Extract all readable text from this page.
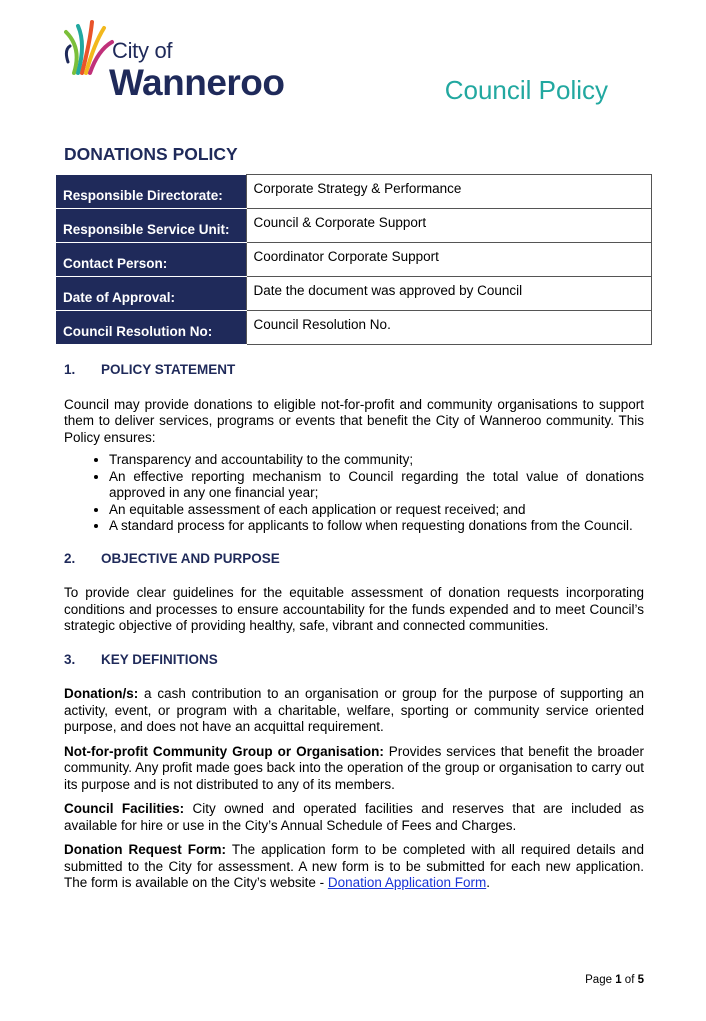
City of
Wanneroo	Council Policy
DONATIONS POLICY
Responsible Directorate:	Corporate Strategy & Performance
Responsible Service Unit:	Council & Corporate Support
Contact Person:	Coordinator Corporate Support
Date of Approval:	Date the document was approved by Council
Council Resolution No:	Council Resolution No.
1.	POLICY STATEMENT

Council may provide donations to eligible not-for-profit and community organisations to support them to deliver services, programs or events that benefit the City of Wanneroo community. This Policy ensures:

• Transparency and accountability to the community;
• An effective reporting mechanism to Council regarding the total value of donations approved in any one financial year;
• An equitable assessment of each application or request received; and
• A standard process for applicants to follow when requesting donations from the Council.
2.	OBJECTIVE AND PURPOSE

To provide clear guidelines for the equitable assessment of donation requests incorporating conditions and processes to ensure accountability for the funds expended and to meet Council’s strategic objective of providing healthy, safe, vibrant and connected communities.

3.	KEY DEFINITIONS

Donation/s: a cash contribution to an organisation or group for the purpose of supporting an activity, event, or program with a charitable, welfare, sporting or community service oriented purpose, and does not have an acquittal requirement.

Not-for-profit Community Group or Organisation: Provides services that benefit the broader community. Any profit made goes back into the operation of the group or organisation to carry out its purpose and is not distributed to any of its members.

Council Facilities: City owned and operated facilities and reserves that are included as available for hire or use in the City’s Annual Schedule of Fees and Charges.

Donation Request Form: The application form to be completed with all required details and submitted to the City for assessment. A new form is to be submitted for each new application. The form is available on the City’s website - Donation Application Form.

Page 1 of 5
